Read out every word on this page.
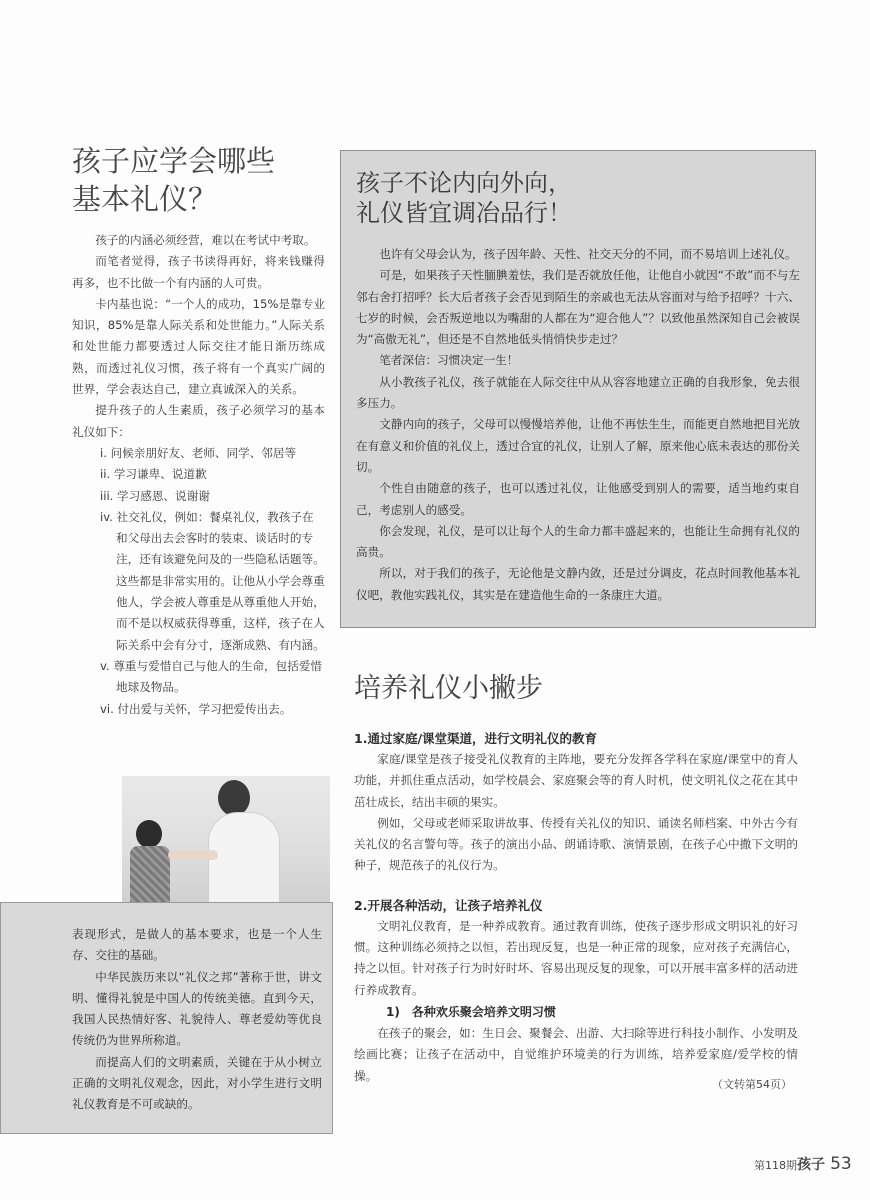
孩子应学会哪些
基本礼仪？

孩子的内涵必须经营，难以在考试中考取。

而笔者觉得，孩子书读得再好，将来钱赚得再多，也不比做一个有内涵的人可贵。

卡内基也说：“一个人的成功，15%是靠专业知识，85%是靠人际关系和处世能力。”人际关系和处世能力都要透过人际交往才能日渐历练成熟，而透过礼仪习惯，孩子将有一个真实广阔的世界，学会表达自己，建立真诚深入的关系。

提升孩子的人生素质，孩子必须学习的基本礼仪如下：

i. 问候亲朋好友、老师、同学、邻居等
ii. 学习谦卑、说道歉
iii. 学习感恩、说谢谢
iv. 社交礼仪，例如：餐桌礼仪，教孩子在和父母出去会客时的装束、谈话时的专注，还有该避免问及的一些隐私话题等。这些都是非常实用的。让他从小学会尊重他人，学会被人尊重是从尊重他人开始，而不是以权威获得尊重，这样，孩子在人际关系中会有分寸，逐渐成熟、有内涵。
v. 尊重与爱惜自己与他人的生命，包括爱惜地球及物品。
vi. 付出爱与关怀，学习把爱传出去。

表现形式，是做人的基本要求，也是一个人生存、交往的基础。

中华民族历来以“礼仪之邦”著称于世，讲文明、懂得礼貌是中国人的传统美德。直到今天，我国人民热情好客、礼貌待人、尊老爱幼等优良传统仍为世界所称道。

而提高人们的文明素质，关键在于从小树立正确的文明礼仪观念，因此，对小学生进行文明礼仪教育是不可或缺的。

孩子不论内向外向，
礼仪皆宜调冶品行！

也许有父母会认为，孩子因年龄、天性、社交天分的不同，而不易培训上述礼仪。

可是，如果孩子天性腼腆羞怯，我们是否就放任他，让他自小就因“不敢”而不与左邻右舍打招呼？长大后者孩子会否见到陌生的亲戚也无法从容面对与给予招呼？十六、七岁的时候，会否叛逆地以为嘴甜的人都在为“迎合他人”？以致他虽然深知自己会被误为“高傲无礼”，但还是不自然地低头悄悄快步走过？

笔者深信：习惯决定一生！

从小教孩子礼仪，孩子就能在人际交往中从从容容地建立正确的自我形象，免去很多压力。

文静内向的孩子，父母可以慢慢培养他，让他不再怯生生，而能更自然地把目光放在有意义和价值的礼仪上，透过合宜的礼仪，让别人了解，原来他心底未表达的那份关切。

个性自由随意的孩子，也可以透过礼仪，让他感受到别人的需要，适当地约束自己，考虑别人的感受。

你会发现，礼仪，是可以让每个人的生命力都丰盛起来的，也能让生命拥有礼仪的高贵。

所以，对于我们的孩子，无论他是文静内敛，还是过分调皮，花点时间教他基本礼仪吧，教他实践礼仪，其实是在建造他生命的一条康庄大道。

培养礼仪小撇步
1.通过家庭/课堂渠道，进行文明礼仪的教育

家庭/课堂是孩子接受礼仪教育的主阵地，要充分发挥各学科在家庭/课堂中的育人功能，并抓住重点活动，如学校晨会、家庭聚会等的育人时机，使文明礼仪之花在其中茁壮成长，结出丰硕的果实。

例如，父母或老师采取讲故事、传授有关礼仪的知识、诵读名师档案、中外古今有关礼仪的名言警句等。孩子的演出小品、朗诵诗歌、演情景剧，在孩子心中撒下文明的种子，规范孩子的礼仪行为。

2.开展各种活动，让孩子培养礼仪

文明礼仪教育，是一种养成教育。通过教育训练，使孩子逐步形成文明识礼的好习惯。这种训练必须持之以恒，若出现反复，也是一种正常的现象，应对孩子充满信心，持之以恒。针对孩子行为时好时坏、容易出现反复的现象，可以开展丰富多样的活动进行养成教育。

1)　各种欢乐聚会培养文明习惯

在孩子的聚会，如：生日会、聚餐会、出游、大扫除等进行科技小制作、小发明及绘画比赛；让孩子在活动中，自觉维护环境美的行为训练，培养爱家庭/爱学校的情操。

（文转第54页）
第118期孩子 53
